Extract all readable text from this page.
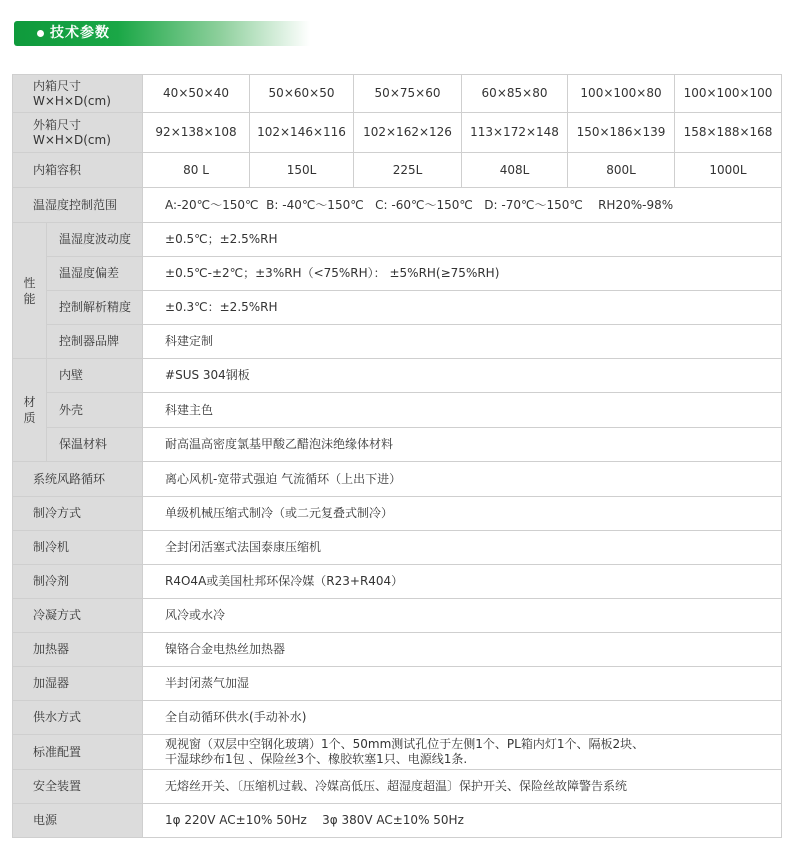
技术参数
内箱尺寸
W×H×D(cm)		40×50×40	50×60×50	50×75×60	60×85×80	100×100×80	100×100×100

外箱尺寸
W×H×D(cm)		92×138×108	102×146×116	102×162×126	113×172×148	150×186×139	158×188×168
内箱容积		80 L	150L	225L	408L	800L	1000L
温湿度控制范围		A:-20℃～150℃  B: -40℃～150℃   C: -60℃～150℃   D: -70℃～150℃    RH20%-98%					

性
能	温湿度波动度	±0.5℃；±2.5%RH					
	温湿度偏差	±0.5℃-±2℃；±3%RH（<75%RH）： ±5%RH(≥75%RH)					
	控制解析精度	±0.3℃：±2.5%RH					
	控制器品牌	科建定制					

材
质	内壁	#SUS 304钢板					
	外壳	科建主色					
	保温材料	耐高温高密度氯基甲酸乙醋泡沫绝缘体材料					
系统风路循环		离心风机-宽带式强迫 气流循环（上出下进）					
制冷方式		单级机械压缩式制冷（或二元复叠式制冷）					
制冷机		全封闭活塞式法国泰康压缩机					
制冷剂		R4O4A或美国杜邦环保冷媒（R23+R404）					
冷凝方式		风冷或水冷					
加热器		镍铬合金电热丝加热器					
加湿器		半封闭蒸气加湿					
供水方式		全自动循环供水(手动补水)					
标准配置		观视窗（双层中空钢化玻璃）1个、50mm测试孔位于左侧1个、PL箱内灯1个、隔板2块、
干湿球纱布1包 、保险丝3个、橡胶软塞1只、电源线1条.					

安全装置		无熔丝开关、〔压缩机过载、冷媒高低压、超湿度超温〕保护开关、保险丝故障警告系统					
电源		1φ 220V AC±10% 50Hz    3φ 380V AC±10% 50Hz					
